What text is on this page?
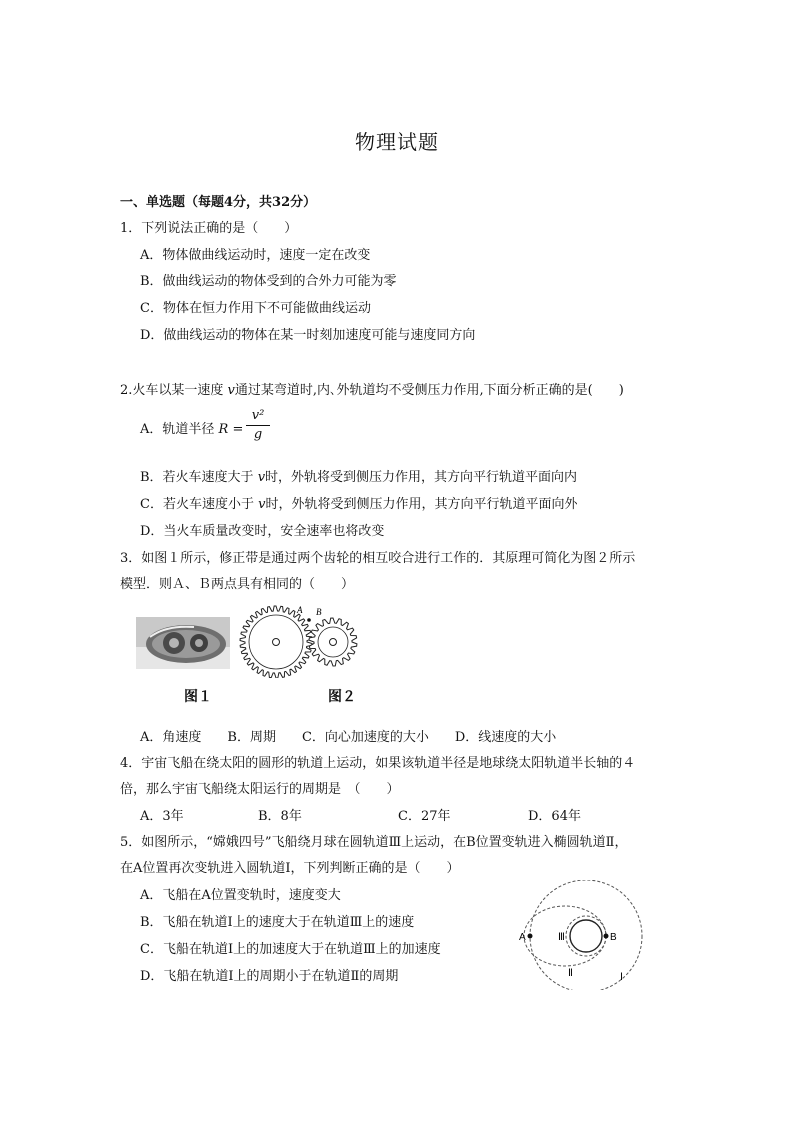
物理试题
一、单选题（每题4分，共32分）
1．下列说法正确的是（　　）
A．物体做曲线运动时，速度一定在改变
B．做曲线运动的物体受到的合外力可能为零
C．物体在恒力作用下不可能做曲线运动
D．做曲线运动的物体在某一时刻加速度可能与速度同方向
2.火车以某一速度 v通过某弯道时,内､外轨道均不受侧压力作用,下面分析正确的是(　　)
A．轨道半径 R =
v²
g
B．若火车速度大于 v时，外轨将受到侧压力作用，其方向平行轨道平面向内
C．若火车速度小于 v时，外轨将受到侧压力作用，其方向平行轨道平面向外
D．当火车质量改变时，安全速率也将改变
3．如图１所示，修正带是通过两个齿轮的相互咬合进行工作的．其原理可简化为图２所示
模型．则Ａ、Ｂ两点具有相同的（　　）
A B
图１	图２
A．角速度　　B．周期　　C．向心加速度的大小　　D．线速度的大小
4．宇宙飞船在绕太阳的圆形的轨道上运动，如果该轨道半径是地球绕太阳轨道半长轴的４
倍，那么宇宙飞船绕太阳运行的周期是　（　　）
A．3年	B．8年	C．27年	D．64年
5．如图所示，“嫦娥四号”飞船绕月球在圆轨道Ⅲ上运动，在B位置变轨进入椭圆轨道Ⅱ，
在A位置再次变轨进入圆轨道Ⅰ，下列判断正确的是（　　）
A．飞船在A位置变轨时，速度变大
B．飞船在轨道Ⅰ上的速度大于在轨道Ⅲ上的速度
C．飞船在轨道Ⅰ上的加速度大于在轨道Ⅲ上的加速度
D．飞船在轨道Ⅰ上的周期小于在轨道Ⅱ的周期
A	B
Ⅲ
Ⅱ	Ⅰ
